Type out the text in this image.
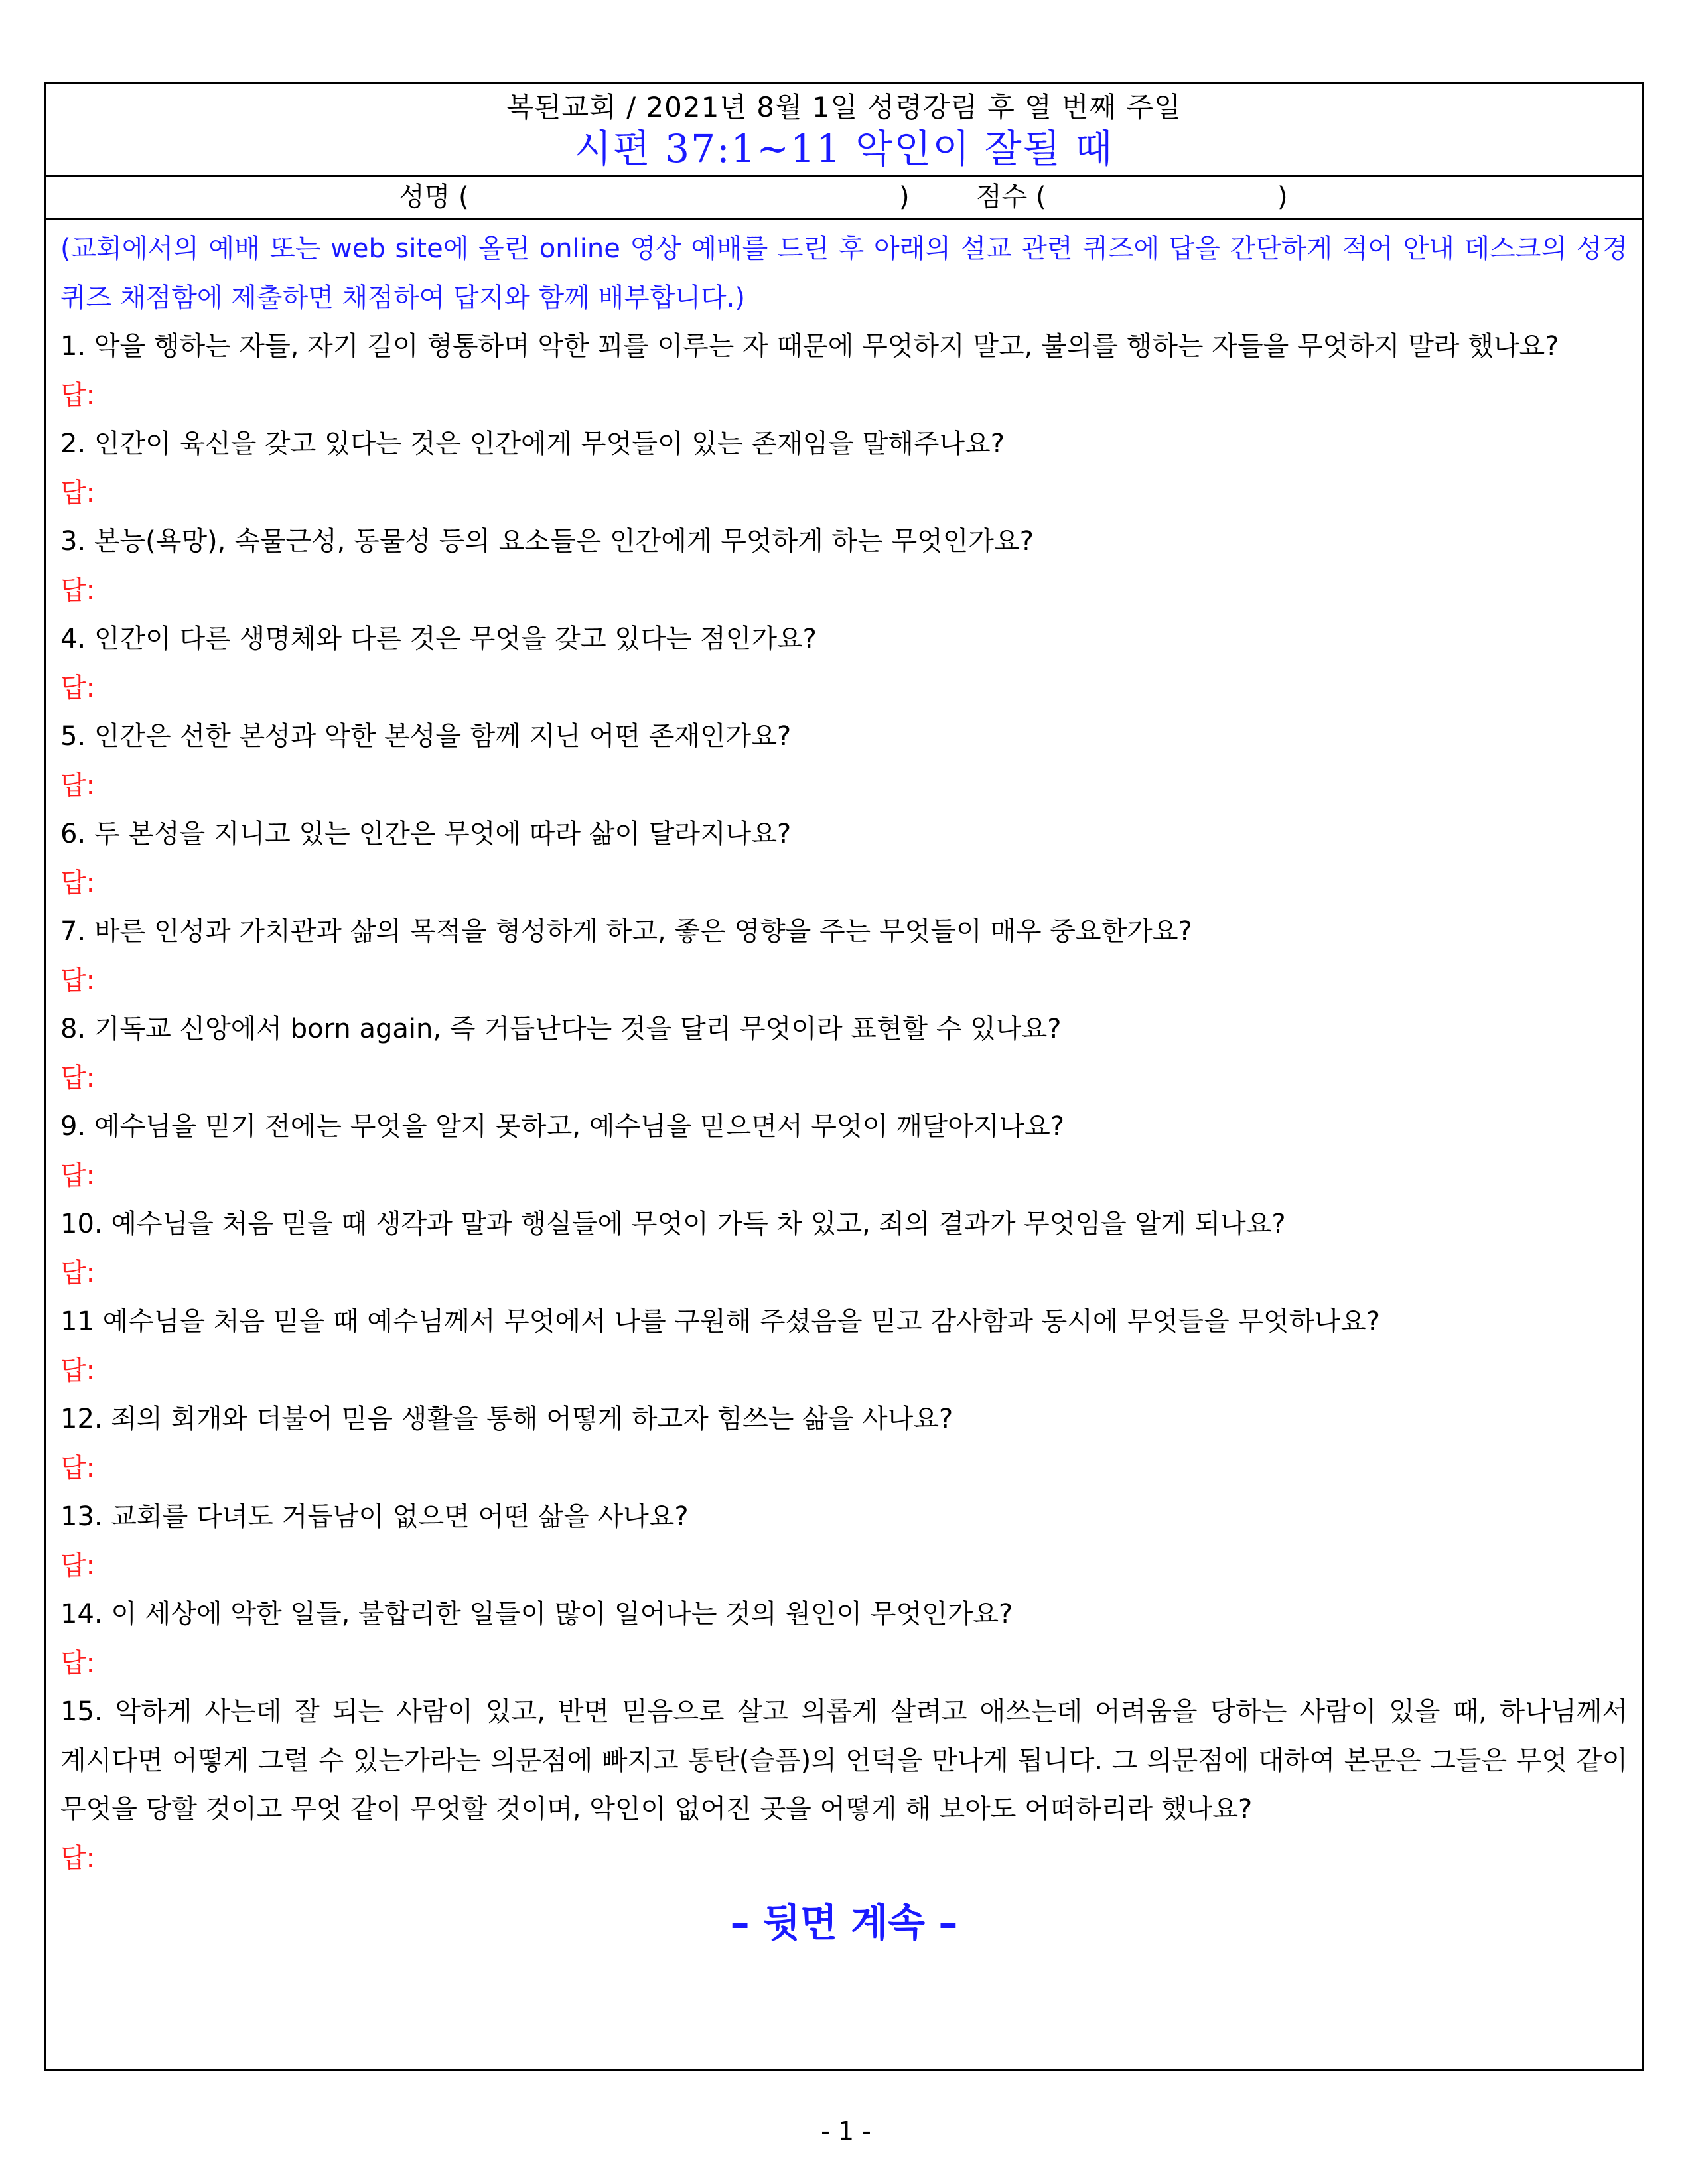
복된교회 / 2021년 8월 1일 성령강림 후 열 번째 주일
시편 37:1~11 악인이 잘될 때
성명 (	)	점수 (	)

(교회에서의 예배 또는 web site에 올린 online 영상 예배를 드린 후 아래의 설교 관련 퀴즈에 답을 간단하게 적어 안내 데스크의 성경 퀴즈 채점함에 제출하면 채점하여 답지와 함께 배부합니다.)

1. 악을 행하는 자들, 자기 길이 형통하며 악한 꾀를 이루는 자 때문에 무엇하지 말고, 불의를 행하는 자들을 무엇하지 말라 했나요?

답:

2. 인간이 육신을 갖고 있다는 것은 인간에게 무엇들이 있는 존재임을 말해주나요?

답:

3. 본능(욕망), 속물근성, 동물성 등의 요소들은 인간에게 무엇하게 하는 무엇인가요?

답:

4. 인간이 다른 생명체와 다른 것은 무엇을 갖고 있다는 점인가요?

답:

5. 인간은 선한 본성과 악한 본성을 함께 지닌 어떤 존재인가요?

답:

6. 두 본성을 지니고 있는 인간은 무엇에 따라 삶이 달라지나요?

답:

7. 바른 인성과 가치관과 삶의 목적을 형성하게 하고, 좋은 영향을 주는 무엇들이 매우 중요한가요?

답:

8. 기독교 신앙에서 born again, 즉 거듭난다는 것을 달리 무엇이라 표현할 수 있나요?

답:

9. 예수님을 믿기 전에는 무엇을 알지 못하고, 예수님을 믿으면서 무엇이 깨달아지나요?

답:

10. 예수님을 처음 믿을 때 생각과 말과 행실들에 무엇이 가득 차 있고, 죄의 결과가 무엇임을 알게 되나요?

답:

11 예수님을 처음 믿을 때 예수님께서 무엇에서 나를 구원해 주셨음을 믿고 감사함과 동시에 무엇들을 무엇하나요?

답:

12. 죄의 회개와 더불어 믿음 생활을 통해 어떻게 하고자 힘쓰는 삶을 사나요?

답:

13. 교회를 다녀도 거듭남이 없으면 어떤 삶을 사나요?

답:

14. 이 세상에 악한 일들, 불합리한 일들이 많이 일어나는 것의 원인이 무엇인가요?

답:

15. 악하게 사는데 잘 되는 사람이 있고, 반면 믿음으로 살고 의롭게 살려고 애쓰는데 어려움을 당하는 사람이 있을 때, 하나님께서 계시다면 어떻게 그럴 수 있는가라는 의문점에 빠지고 통탄(슬픔)의 언덕을 만나게 됩니다. 그 의문점에 대하여 본문은 그들은 무엇 같이 무엇을 당할 것이고 무엇 같이 무엇할 것이며, 악인이 없어진 곳을 어떻게 해 보아도 어떠하리라 했나요?

답:

– 뒷면 계속 –
- 1 -
